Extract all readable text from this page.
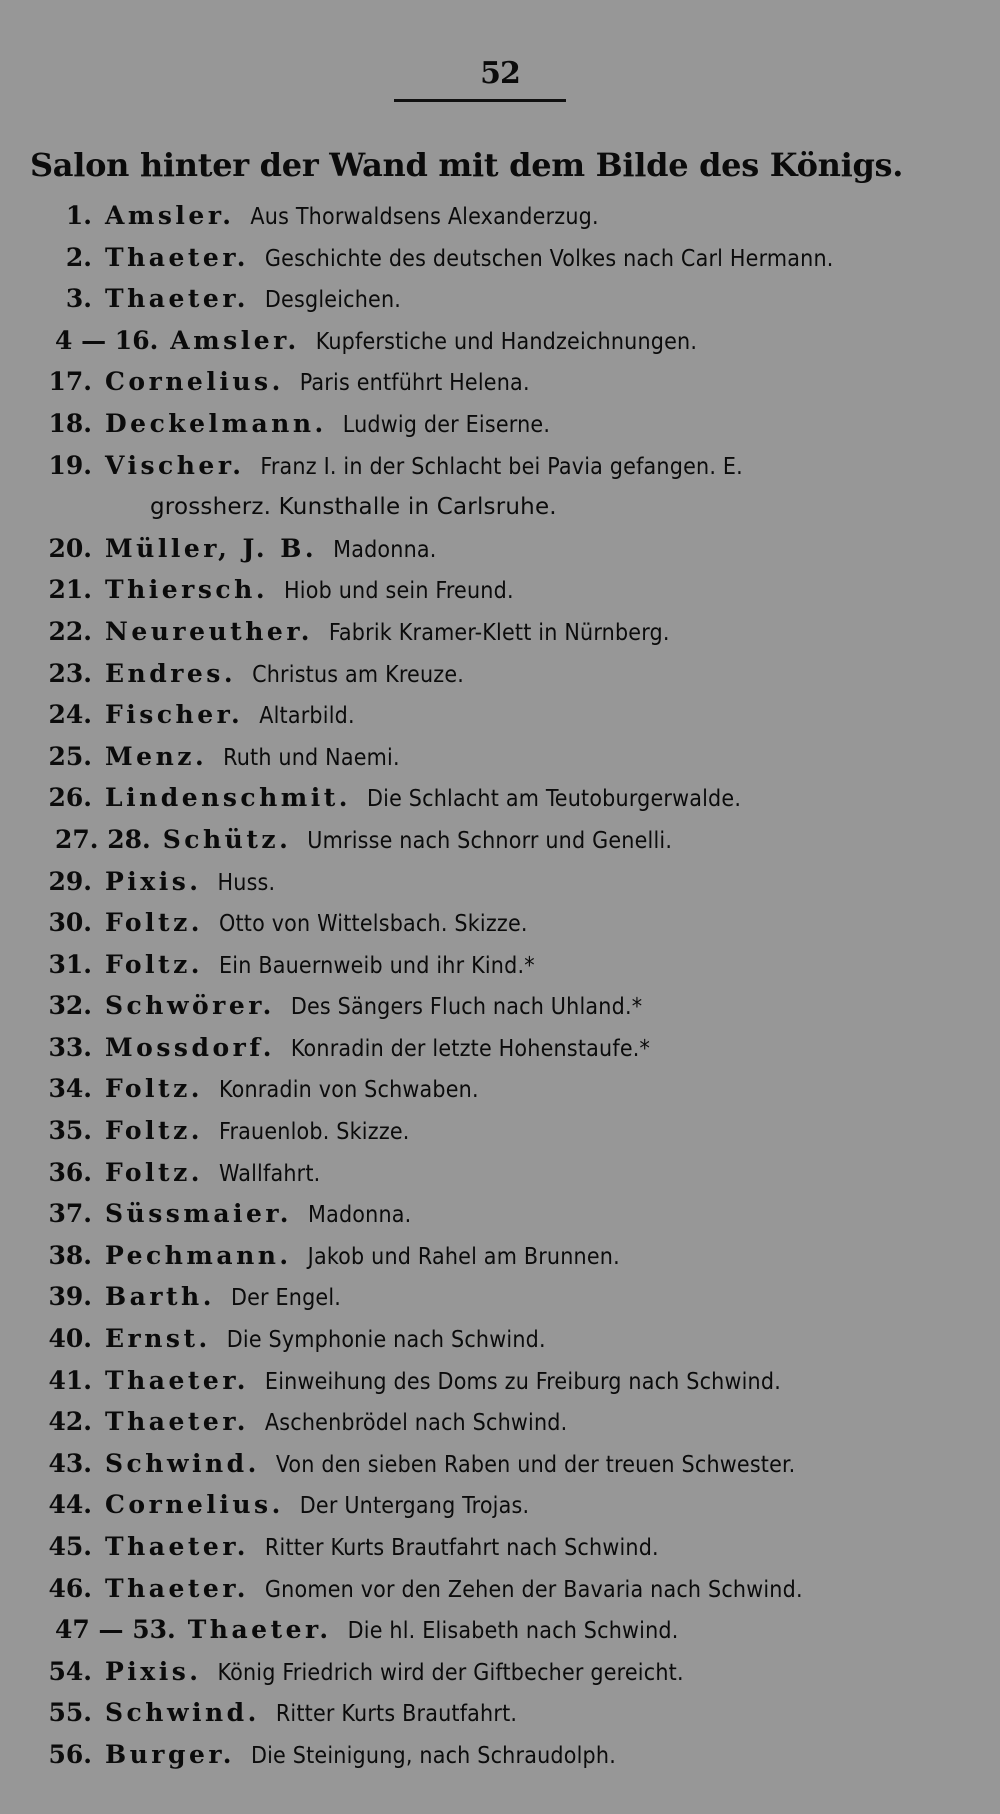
52
Salon hinter der Wand mit dem Bilde des Königs.
1. Amsler. Aus Thorwaldsens Alexanderzug.
2. Thaeter. Geschichte des deutschen Volkes nach Carl Hermann.
3. Thaeter. Desgleichen.
4 — 16. Amsler. Kupferstiche und Handzeichnungen.
17. Cornelius. Paris entführt Helena.
18. Deckelmann. Ludwig der Eiserne.
19. Vischer. Franz I. in der Schlacht bei Pavia gefangen. E.
grossherz. Kunsthalle in Carlsruhe.
20. Müller, J. B. Madonna.
21. Thiersch. Hiob und sein Freund.
22. Neureuther. Fabrik Kramer-Klett in Nürnberg.
23. Endres. Christus am Kreuze.
24. Fischer. Altarbild.
25. Menz. Ruth und Naemi.
26. Lindenschmit. Die Schlacht am Teutoburgerwalde.
27. 28. Schütz. Umrisse nach Schnorr und Genelli.
29. Pixis. Huss.
30. Foltz. Otto von Wittelsbach. Skizze.
31. Foltz. Ein Bauernweib und ihr Kind.*
32. Schwörer. Des Sängers Fluch nach Uhland.*
33. Mossdorf. Konradin der letzte Hohenstaufe.*
34. Foltz. Konradin von Schwaben.
35. Foltz. Frauenlob. Skizze.
36. Foltz. Wallfahrt.
37. Süssmaier. Madonna.
38. Pechmann. Jakob und Rahel am Brunnen.
39. Barth. Der Engel.
40. Ernst. Die Symphonie nach Schwind.
41. Thaeter. Einweihung des Doms zu Freiburg nach Schwind.
42. Thaeter. Aschenbrödel nach Schwind.
43. Schwind. Von den sieben Raben und der treuen Schwester.
44. Cornelius. Der Untergang Trojas.
45. Thaeter. Ritter Kurts Brautfahrt nach Schwind.
46. Thaeter. Gnomen vor den Zehen der Bavaria nach Schwind.
47 — 53. Thaeter. Die hl. Elisabeth nach Schwind.
54. Pixis. König Friedrich wird der Giftbecher gereicht.
55. Schwind. Ritter Kurts Brautfahrt.
56. Burger. Die Steinigung, nach Schraudolph.
